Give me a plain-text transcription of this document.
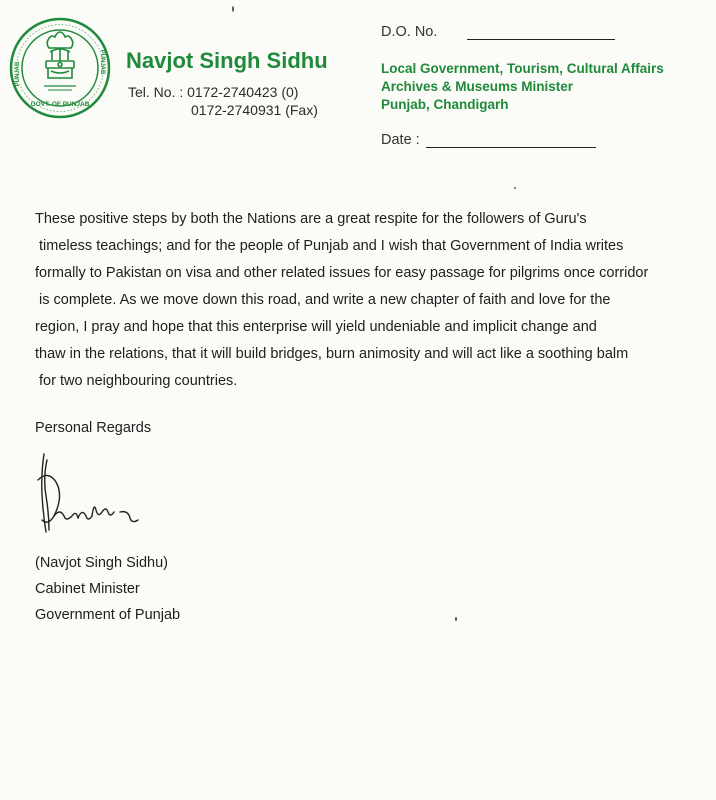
GOVT. OF PUNJAB
PUNJAB	PUNJAB Navjot Singh Sidhu
Tel. No. : 0172-2740423 (0)
0172-2740931 (Fax)
D.O. No.
Local Government, Tourism, Cultural Affairs
Archives & Museums Minister
Punjab, Chandigarh
Date :
These positive steps by both the Nations are a great respite for the followers of Guru's
timeless teachings; and for the people of Punjab and I wish that Government of India writes
formally to Pakistan on visa and other related issues for easy passage for pilgrims once corridor
is complete. As we move down this road, and write a new chapter of faith and love for the
region, I pray and hope that this enterprise will yield undeniable and implicit change and
thaw in the relations, that it will build bridges, burn animosity and will act like a soothing balm
for two neighbouring countries.
Personal Regards
(Navjot Singh Sidhu)
Cabinet Minister
Government of Punjab
